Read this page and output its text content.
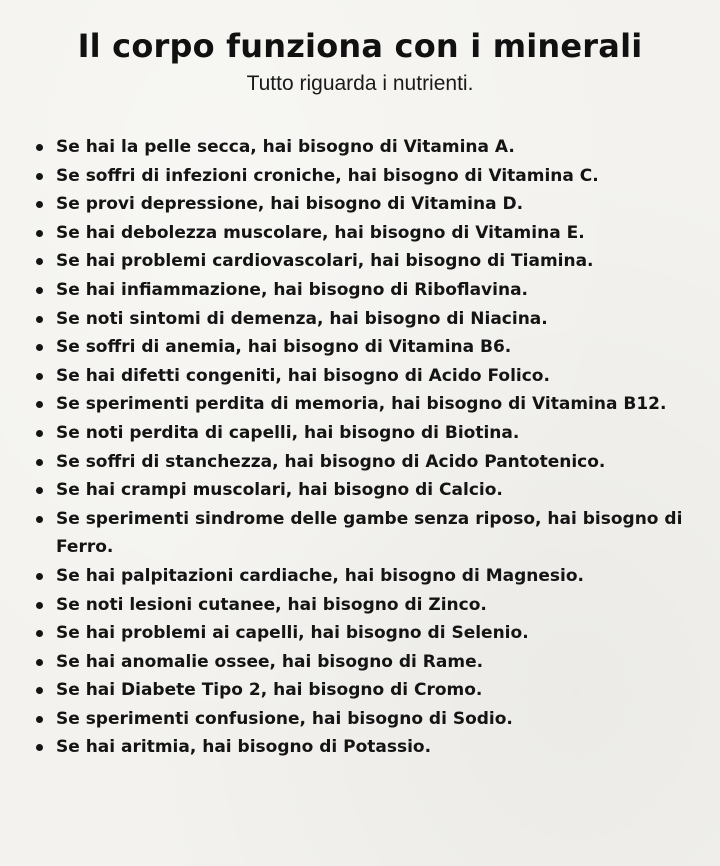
Il corpo funziona con i minerali

Tutto riguarda i nutrienti.

Se hai la pelle secca, hai bisogno di Vitamina A.
Se soffri di infezioni croniche, hai bisogno di Vitamina C.
Se provi depressione, hai bisogno di Vitamina D.
Se hai debolezza muscolare, hai bisogno di Vitamina E.
Se hai problemi cardiovascolari, hai bisogno di Tiamina.
Se hai infiammazione, hai bisogno di Riboflavina.
Se noti sintomi di demenza, hai bisogno di Niacina.
Se soffri di anemia, hai bisogno di Vitamina B6.
Se hai difetti congeniti, hai bisogno di Acido Folico.
Se sperimenti perdita di memoria, hai bisogno di Vitamina B12.
Se noti perdita di capelli, hai bisogno di Biotina.
Se soffri di stanchezza, hai bisogno di Acido Pantotenico.
Se hai crampi muscolari, hai bisogno di Calcio.
Se sperimenti sindrome delle gambe senza riposo, hai bisogno di Ferro.
Se hai palpitazioni cardiache, hai bisogno di Magnesio.
Se noti lesioni cutanee, hai bisogno di Zinco.
Se hai problemi ai capelli, hai bisogno di Selenio.
Se hai anomalie ossee, hai bisogno di Rame.
Se hai Diabete Tipo 2, hai bisogno di Cromo.
Se sperimenti confusione, hai bisogno di Sodio.
Se hai aritmia, hai bisogno di Potassio.
